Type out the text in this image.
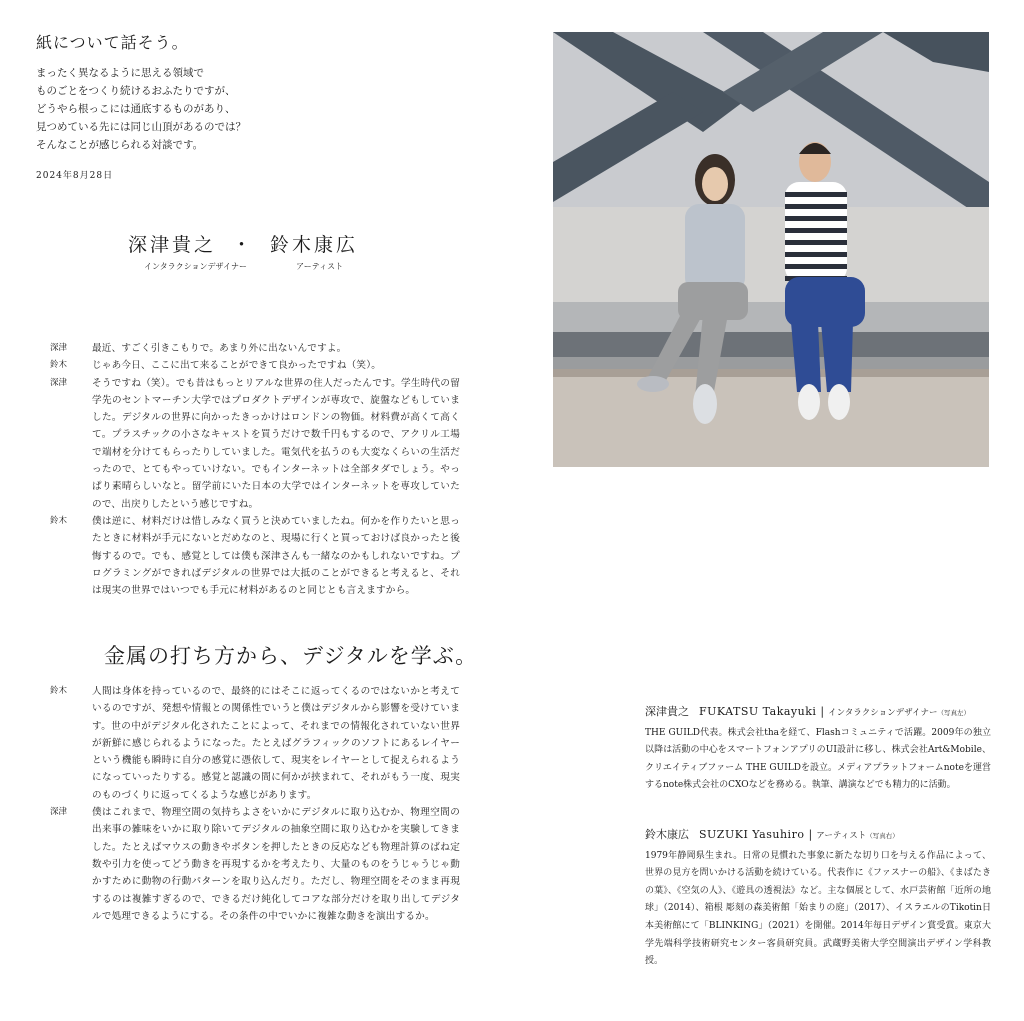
紙について話そう。
まったく異なるように思える領域で
ものごとをつくり続けるおふたりですが、
どうやら根っこには通底するものがあり、
見つめている先には同じ山頂があるのでは？
そんなことが感じられる対談です。
2024年8月28日
深津貴之 ・ 鈴木康広
インタラクションデザイナー	アーティスト
深津	最近、すごく引きこもりで。あまり外に出ないんですよ。
鈴木	じゃあ今日、ここに出て来ることができて良かったですね（笑）。
深津	そうですね（笑）。でも昔はもっとリアルな世界の住人だったんです。学生時代の留学先のセントマーチン大学ではプロダクトデザインが専攻で、旋盤などもしていました。デジタルの世界に向かったきっかけはロンドンの物価。材料費が高くて高くて。プラスチックの小さなキャストを買うだけで数千円もするので、アクリル工場で端材を分けてもらったりしていました。電気代を払うのも大変なくらいの生活だったので、とてもやっていけない。でもインターネットは全部タダでしょう。やっぱり素晴らしいなと。留学前にいた日本の大学ではインターネットを専攻していたので、出戻りしたという感じですね。
鈴木	僕は逆に、材料だけは惜しみなく買うと決めていましたね。何かを作りたいと思ったときに材料が手元にないとだめなのと、現場に行くと買っておけば良かったと後悔するので。でも、感覚としては僕も深津さんも一緒なのかもしれないですね。プログラミングができればデジタルの世界では大抵のことができると考えると、それは現実の世界ではいつでも手元に材料があるのと同じとも言えますから。
金属の打ち方から、デジタルを学ぶ。
鈴木	人間は身体を持っているので、最終的にはそこに返ってくるのではないかと考えているのですが、発想や情報との関係性でいうと僕はデジタルから影響を受けています。世の中がデジタル化されたことによって、それまでの情報化されていない世界が新鮮に感じられるようになった。たとえばグラフィックのソフトにあるレイヤーという機能も瞬時に自分の感覚に憑依して、現実をレイヤーとして捉えられるようになっていったりする。感覚と認識の間に何かが挟まれて、それがもう一度、現実のものづくりに返ってくるような感じがあります。
深津	僕はこれまで、物理空間の気持ちよさをいかにデジタルに取り込むか、物理空間の出来事の雑味をいかに取り除いてデジタルの抽象空間に取り込むかを実験してきました。たとえばマウスの動きやボタンを押したときの反応なども物理計算のばね定数や引力を使ってどう動きを再現するかを考えたり、大量のものをうじゃうじゃ動かすために動物の行動パターンを取り込んだり。ただし、物理空間をそのまま再現するのは複雑すぎるので、できるだけ純化してコアな部分だけを取り出してデジタルで処理できるようにする。その条件の中でいかに複雑な動きを演出するか。
深津貴之 FUKATSU Takayuki | インタラクションデザイナー（写真左）
THE GUILD代表。株式会社thaを経て、Flashコミュニティで活躍。2009年の独立以降は活動の中心をスマートフォンアプリのUI設計に移し、株式会社Art&Mobile、クリエイティブファーム THE GUILDを設立。メディアプラットフォームnoteを運営するnote株式会社のCXOなどを務める。執筆、講演などでも精力的に活動。
鈴木康広 SUZUKI Yasuhiro | アーティスト（写真右）
1979年静岡県生まれ。日常の見慣れた事象に新たな切り口を与える作品によって、世界の見方を問いかける活動を続けている。代表作に《ファスナーの船》、《まばたきの葉》、《空気の人》、《遊具の透視法》など。主な個展として、水戸芸術館「近所の地球」（2014）、箱根 彫刻の森美術館「始まりの庭」（2017）、イスラエルのTikotin日本美術館にて「BLINKING」（2021）を開催。2014年毎日デザイン賞受賞。東京大学先端科学技術研究センター客員研究員。武蔵野美術大学空間演出デザイン学科教授。
